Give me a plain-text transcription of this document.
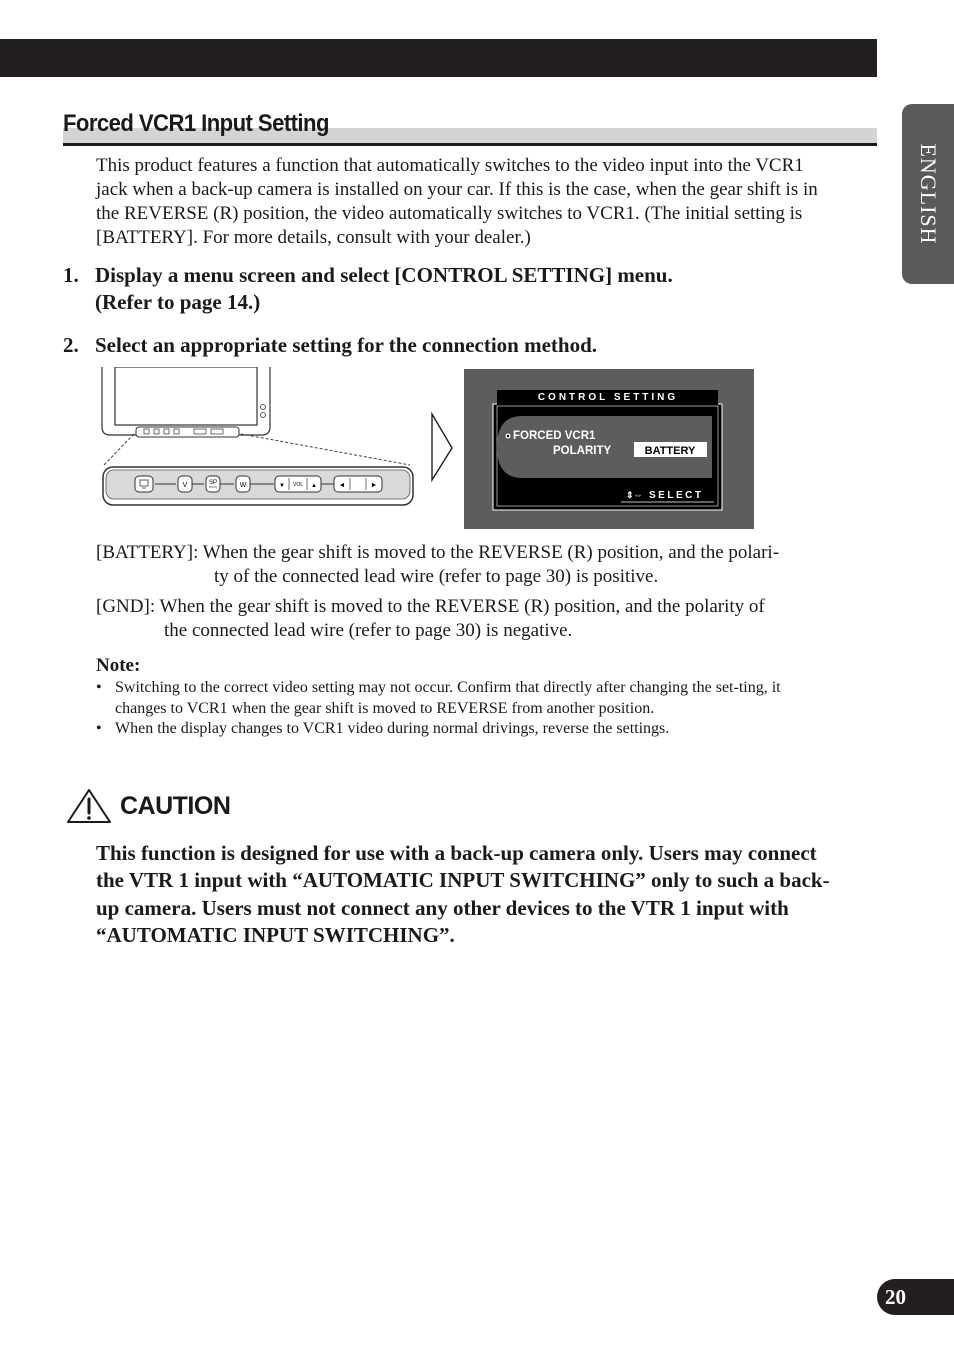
ENGLISH
Forced VCR1 Input Setting

This product features a function that automatically switches to the video input into the VCR1 jack when a back-up camera is installed on your car. If this is the case, when the gear shift is in the REVERSE (R) position, the video automatically switches to VCR1. (The initial setting is [BATTERY]. For more details, consult with your dealer.)

1. Display a menu screen and select [CONTROL SETTING] menu.
(Refer to page 14.)
2. Select an appropriate setting for the connection method.
V	SP	W	▼ VOL ▲	◄	►
CONTROL SETTING
FORCED VCR1
POLARITY	BATTERY
⇕⇔ SELECT
[BATTERY]: When the gear shift is moved to the REVERSE (R) position, and the polari-
ty of the connected lead wire (refer to page 30) is positive.
[GND]: When the gear shift is moved to the REVERSE (R) position, and the polarity of
the connected lead wire (refer to page 30) is negative.
Note:
• Switching to the correct video setting may not occur. Confirm that directly after changing the set-ting, it changes to VCR1 when the gear shift is moved to REVERSE from another position.
• When the display changes to VCR1 video during normal drivings, reverse the settings.
CAUTION

This function is designed for use with a back-up camera only. Users may connect the VTR 1 input with “AUTOMATIC INPUT SWITCHING” only to such a back-up camera. Users must not connect any other devices to the VTR 1 input with “AUTOMATIC INPUT SWITCHING”.

20
